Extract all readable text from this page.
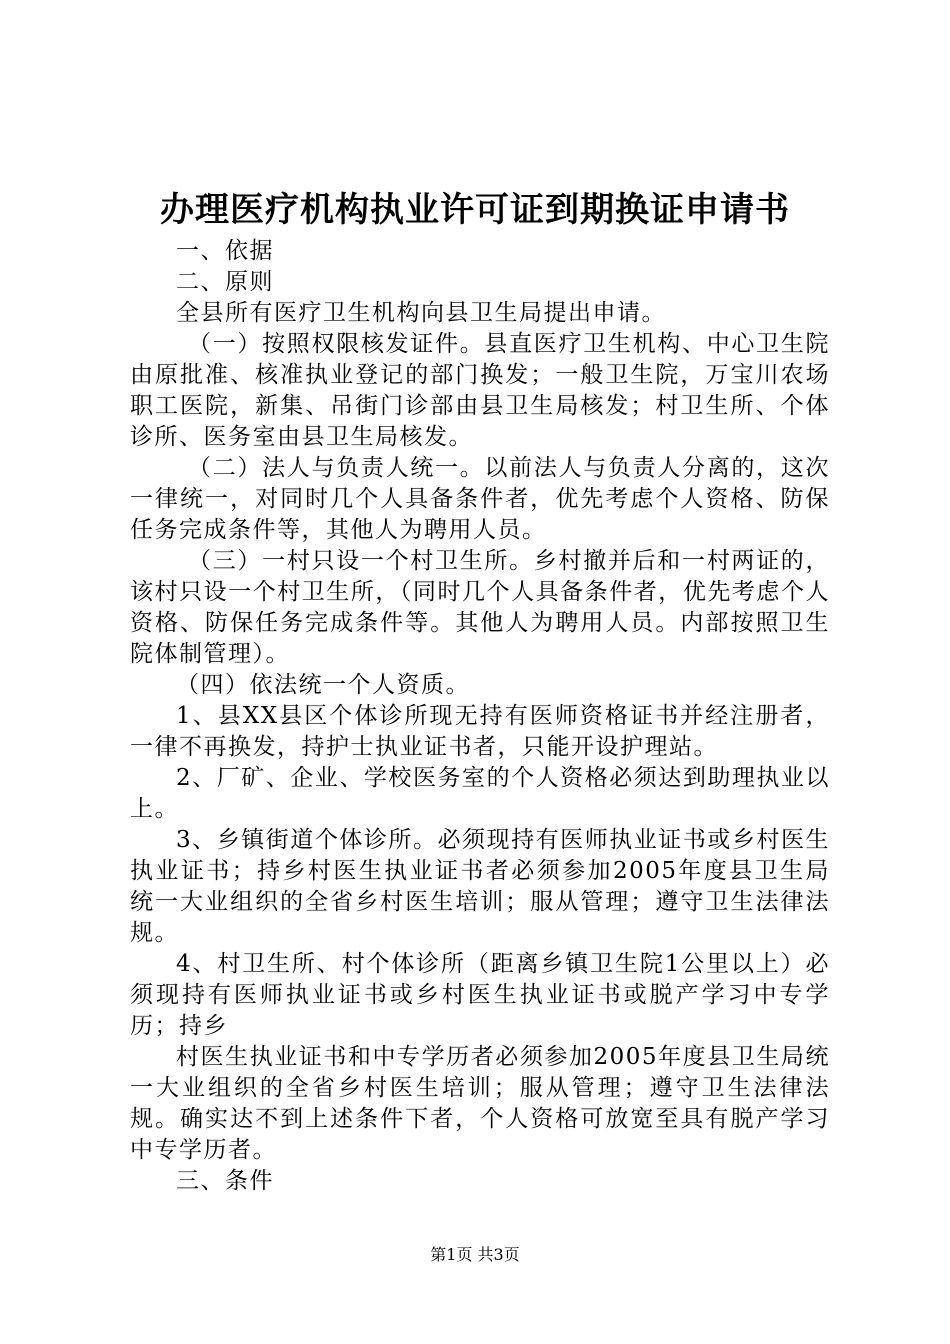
办理医疗机构执业许可证到期换证申请书

一、依据

二、原则

全县所有医疗卫生机构向县卫生局提出申请。

（一）按照权限核发证件。县直医疗卫生机构、中心卫生院由原批准、核准执业登记的部门换发；一般卫生院，万宝川农场职工医院，新集、吊街门诊部由县卫生局核发；村卫生所、个体诊所、医务室由县卫生局核发。

（二）法人与负责人统一。以前法人与负责人分离的，这次一律统一，对同时几个人具备条件者，优先考虑个人资格、防保任务完成条件等，其他人为聘用人员。

（三）一村只设一个村卫生所。乡村撤并后和一村两证的，该村只设一个村卫生所，（同时几个人具备条件者，优先考虑个人资格、防保任务完成条件等。其他人为聘用人员。内部按照卫生院体制管理）。

（四）依法统一个人资质。

1、县XX县区个体诊所现无持有医师资格证书并经注册者，一律不再换发，持护士执业证书者，只能开设护理站。

2、厂矿、企业、学校医务室的个人资格必须达到助理执业以上。

3、乡镇街道个体诊所。必须现持有医师执业证书或乡村医生执业证书；持乡村医生执业证书者必须参加2005年度县卫生局统一大业组织的全省乡村医生培训；服从管理；遵守卫生法律法规。

4、村卫生所、村个体诊所（距离乡镇卫生院1公里以上）必须现持有医师执业证书或乡村医生执业证书或脱产学习中专学历；持乡

村医生执业证书和中专学历者必须参加2005年度县卫生局统一大业组织的全省乡村医生培训；服从管理；遵守卫生法律法规。确实达不到上述条件下者，个人资格可放宽至具有脱产学习中专学历者。

三、条件

第1页 共3页
